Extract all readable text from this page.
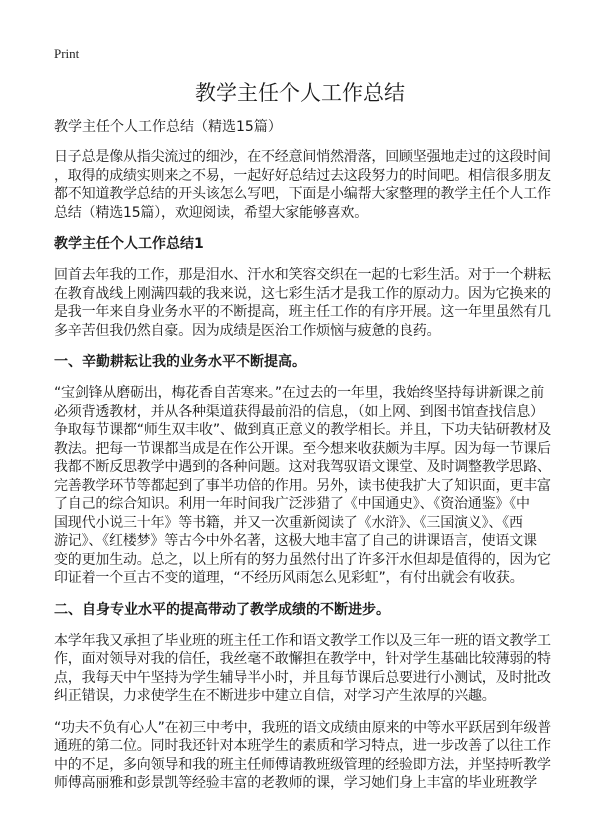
Print
教学主任个人工作总结
教学主任个人工作总结（精选15篇）
日子总是像从指尖流过的细沙，在不经意间悄然滑落，回顾坚强地走过的这段时间
，取得的成绩实则来之不易，一起好好总结过去这段努力的时间吧。相信很多朋友
都不知道教学总结的开头该怎么写吧，下面是小编帮大家整理的教学主任个人工作
总结（精选15篇），欢迎阅读，希望大家能够喜欢。
教学主任个人工作总结1
回首去年我的工作，那是泪水、汗水和笑容交织在一起的七彩生活。对于一个耕耘
在教育战线上刚满四载的我来说，这七彩生活才是我工作的原动力。因为它换来的
是我一年来自身业务水平的不断提高，班主任工作的有序开展。这一年里虽然有几
多辛苦但我仍然自豪。因为成绩是医治工作烦恼与疲惫的良药。
一、辛勤耕耘让我的业务水平不断提高。
“宝剑锋从磨砺出，梅花香自苦寒来。”在过去的一年里，我始终坚持每讲新课之前
必须背透教材，并从各种渠道获得最前沿的信息，（如上网、到图书馆查找信息）
争取每节课都“师生双丰收”、做到真正意义的教学相长。并且，下功夫钻研教材及
教法。把每一节课都当成是在作公开课。至今想来收获颇为丰厚。因为每一节课后
我都不断反思教学中遇到的各种问题。这对我驾驭语文课堂、及时调整教学思路、
完善教学环节等都起到了事半功倍的作用。另外，读书使我扩大了知识面，更丰富
了自己的综合知识。利用一年时间我广泛涉猎了《中国通史》、《资治通鉴》《中
国现代小说三十年》等书籍，并又一次重新阅读了《水浒》、《三国演义》、《西
游记》、《红楼梦》等古今中外名著，这极大地丰富了自己的讲课语言，使语文课
变的更加生动。总之，以上所有的努力虽然付出了许多汗水但却是值得的，因为它
印证着一个亘古不变的道理，“不经历风雨怎么见彩虹”，有付出就会有收获。
二、自身专业水平的提高带动了教学成绩的不断进步。
本学年我又承担了毕业班的班主任工作和语文教学工作以及三年一班的语文教学工
作，面对领导对我的信任，我丝毫不敢懈担在教学中，针对学生基础比较薄弱的特
点，我每天中午坚持为学生辅导半小时，并且每节课后总要进行小测试，及时批改
纠正错误，力求使学生在不断进步中建立自信，对学习产生浓厚的兴趣。
“功夫不负有心人”在初三中考中，我班的语文成绩由原来的中等水平跃居到年级普
通班的第二位。同时我还针对本班学生的素质和学习特点，进一步改善了以往工作
中的不足，多向领导和我的班主任师傅请教班级管理的经验即方法，并坚持听教学
师傅高丽雅和彭景凯等经验丰富的老教师的课，学习她们身上丰富的毕业班教学
